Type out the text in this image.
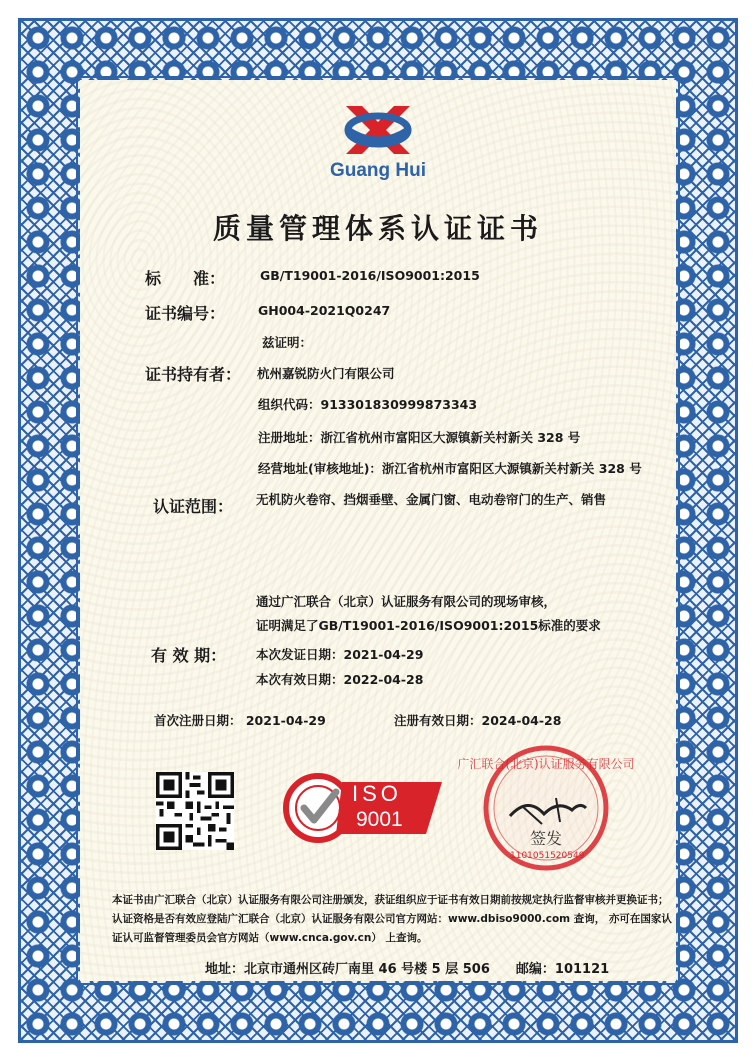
Guang Hui
质量管理体系认证证书
标　　准：	GB/T19001-2016/ISO9001:2015
证书编号：	GH004-2021Q0247
兹证明：
证书持有者： 杭州嘉锐防火门有限公司
组织代码：913301830999873343
注册地址：浙江省杭州市富阳区大源镇新关村新关 328 号
经营地址(审核地址)：浙江省杭州市富阳区大源镇新关村新关 328 号
认证范围： 无机防火卷帘、挡烟垂壁、金属门窗、电动卷帘门的生产、销售
通过广汇联合（北京）认证服务有限公司的现场审核，
证明满足了GB/T19001-2016/ISO9001:2015标准的要求
有 效 期： 本次发证日期：2021-04-29
本次有效日期：2022-04-28
首次注册日期： 2021-04-29	注册有效日期：2024-04-28
ISO
9001
广汇联合(北京)认证服务有限公司
签发
1101051520549
本证书由广汇联合（北京）认证服务有限公司注册颁发，获证组织应于证书有效日期前按规定执行监督审核并更换证书；
认证资格是否有效应登陆广汇联合（北京）认证服务有限公司官方网站：www.dbiso9000.com 查询， 亦可在国家认
证认可监督管理委员会官方网站（www.cnca.gov.cn） 上查询。
地址：北京市通州区砖厂南里 46 号楼 5 层 506　　邮编：101121
